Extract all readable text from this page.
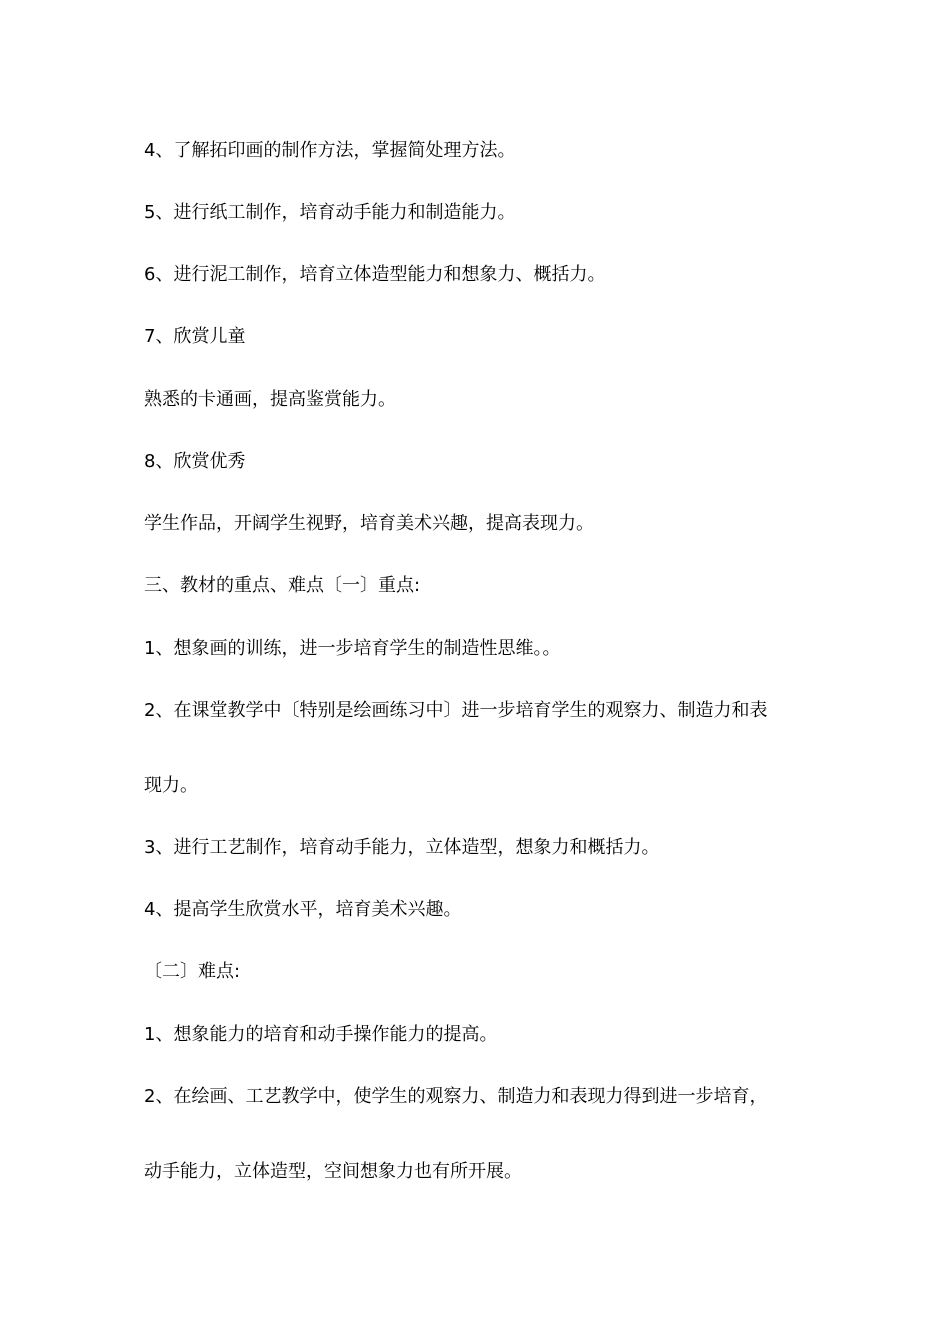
4、了解拓印画的制作方法，掌握简处理方法。
5、进行纸工制作，培育动手能力和制造能力。
6、进行泥工制作，培育立体造型能力和想象力、概括力。
7、欣赏儿童
熟悉的卡通画，提高鉴赏能力。
8、欣赏优秀
学生作品，开阔学生视野，培育美术兴趣，提高表现力。
三、教材的重点、难点〔一〕重点:
1、想象画的训练，进一步培育学生的制造性思维。。
2、在课堂教学中〔特别是绘画练习中〕进一步培育学生的观察力、制造力和表
现力。
3、进行工艺制作，培育动手能力，立体造型，想象力和概括力。
4、提高学生欣赏水平，培育美术兴趣。
〔二〕难点:
1、想象能力的培育和动手操作能力的提高。
2、在绘画、工艺教学中，使学生的观察力、制造力和表现力得到进一步培育，
动手能力，立体造型，空间想象力也有所开展。
